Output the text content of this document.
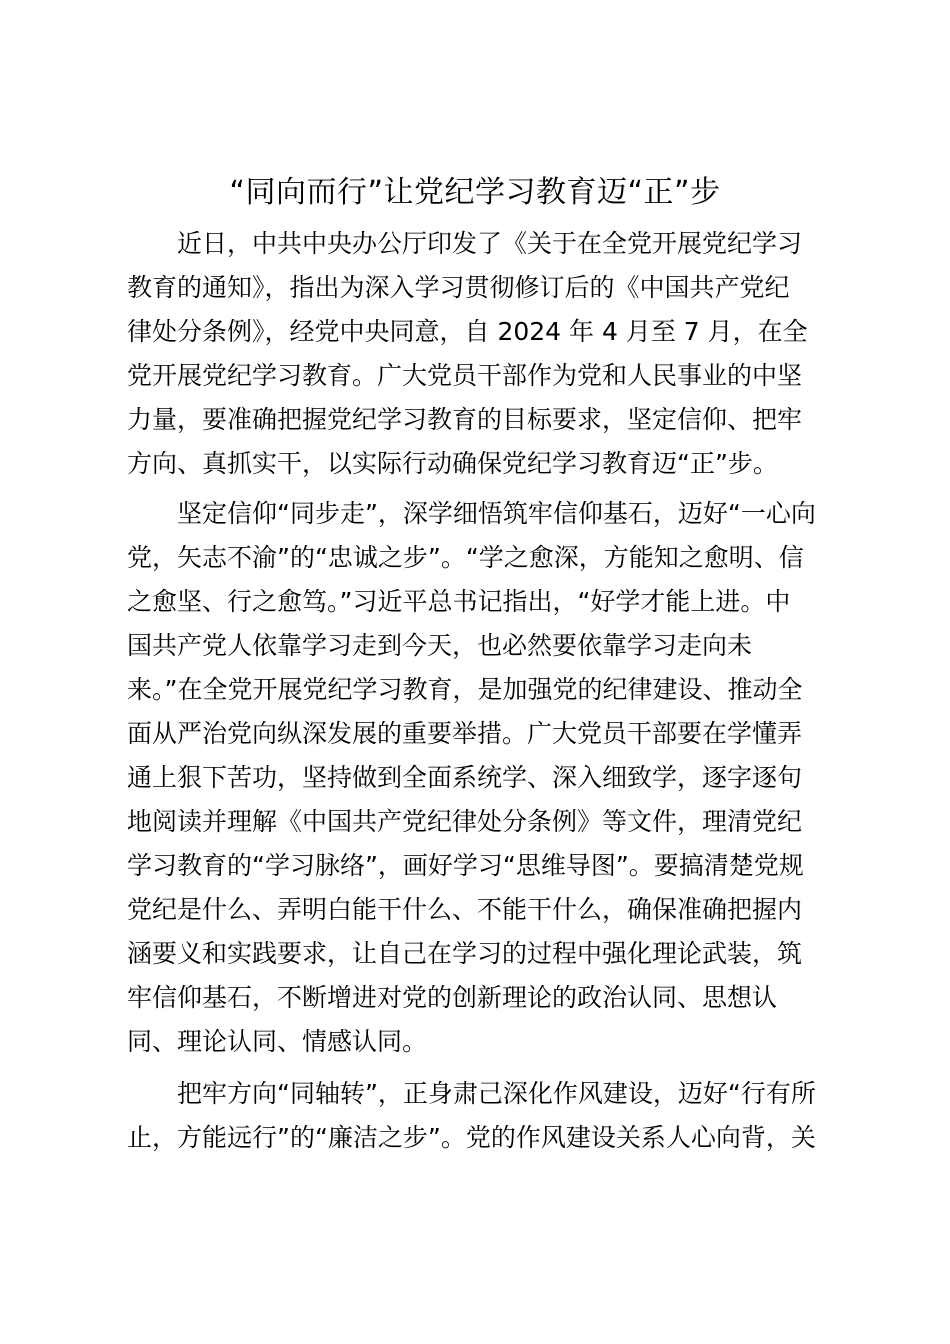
“同向而行”让党纪学习教育迈“正”步
近日，中共中央办公厅印发了《关于在全党开展党纪学习
教育的通知》，指出为深入学习贯彻修订后的《中国共产党纪
律处分条例》，经党中央同意，自 2024 年 4 月至 7 月，在全
党开展党纪学习教育。广大党员干部作为党和人民事业的中坚
力量，要准确把握党纪学习教育的目标要求，坚定信仰、把牢
方向、真抓实干，以实际行动确保党纪学习教育迈“正”步。
坚定信仰“同步走”，深学细悟筑牢信仰基石，迈好“一心向
党，矢志不渝”的“忠诚之步”。“学之愈深，方能知之愈明、信
之愈坚、行之愈笃。”习近平总书记指出，“好学才能上进。中
国共产党人依靠学习走到今天，也必然要依靠学习走向未
来。”在全党开展党纪学习教育，是加强党的纪律建设、推动全
面从严治党向纵深发展的重要举措。广大党员干部要在学懂弄
通上狠下苦功，坚持做到全面系统学、深入细致学，逐字逐句
地阅读并理解《中国共产党纪律处分条例》等文件，理清党纪
学习教育的“学习脉络”，画好学习“思维导图”。要搞清楚党规
党纪是什么、弄明白能干什么、不能干什么，确保准确把握内
涵要义和实践要求，让自己在学习的过程中强化理论武装，筑
牢信仰基石，不断增进对党的创新理论的政治认同、思想认
同、理论认同、情感认同。
把牢方向“同轴转”，正身肃己深化作风建设，迈好“行有所
止，方能远行”的“廉洁之步”。党的作风建设关系人心向背，关
